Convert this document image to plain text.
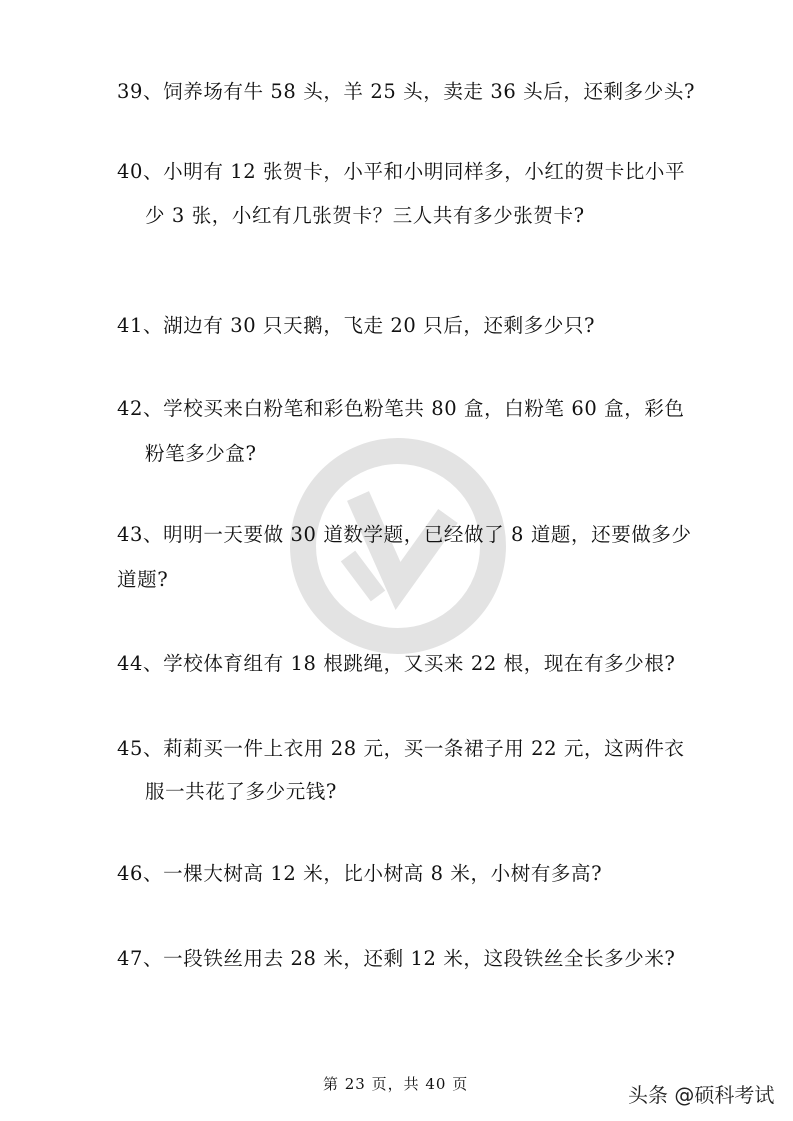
39、饲养场有牛 58 头，羊 25 头，卖走 36 头后，还剩多少头?
40、小明有 12 张贺卡，小平和小明同样多，小红的贺卡比小平
少 3 张，小红有几张贺卡？三人共有多少张贺卡?
41、湖边有 30 只天鹅，飞走 20 只后，还剩多少只?
42、学校买来白粉笔和彩色粉笔共 80 盒，白粉笔 60 盒，彩色
粉笔多少盒?
43、明明一天要做 30 道数学题，已经做了 8 道题，还要做多少
道题?
44、学校体育组有 18 根跳绳，又买来 22 根，现在有多少根?
45、莉莉买一件上衣用 28 元，买一条裙子用 22 元，这两件衣
服一共花了多少元钱?
46、一棵大树高 12 米，比小树高 8 米，小树有多高?
47、一段铁丝用去 28 米，还剩 12 米，这段铁丝全长多少米?
第 23 页，共 40 页	头条 @硕科考试
